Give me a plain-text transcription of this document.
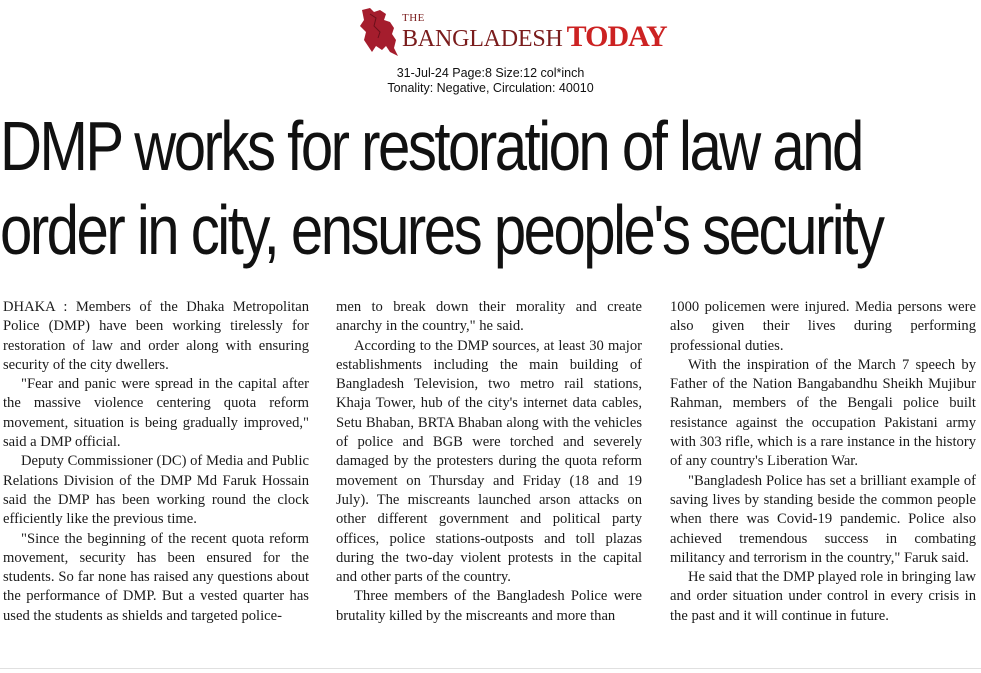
THE
BANGLADESH TODAY
31-Jul-24 Page:8 Size:12 col*inch
Tonality: Negative, Circulation: 40010
DMP works for restoration of law and
order in city, ensures people's security

DHAKA : Members of the Dhaka Metropolitan Police (DMP) have been working tirelessly for restoration of law and order along with ensuring security of the city dwellers.

"Fear and panic were spread in the capital after the massive violence centering quota reform movement, situation is being gradually improved," said a DMP official.

Deputy Commissioner (DC) of Media and Public Relations Division of the DMP Md Faruk Hossain said the DMP has been working round the clock efficiently like the previous time.

"Since the beginning of the recent quota reform movement, security has been ensured for the students. So far none has raised any questions about the performance of DMP. But a vested quarter has used the students as shields and targeted police-

men to break down their morality and create anarchy in the country," he said.

According to the DMP sources, at least 30 major establishments including the main building of Bangladesh Television, two metro rail stations, Khaja Tower, hub of the city's internet data cables, Setu Bhaban, BRTA Bhaban along with the vehicles of police and BGB were torched and severely damaged by the protesters during the quota reform movement on Thursday and Friday (18 and 19 July). The miscreants launched arson attacks on other different government and political party offices, police stations-outposts and toll plazas during the two-day violent protests in the capital and other parts of the country.

Three members of the Bangladesh Police were brutality killed by the miscreants and more than

1000 policemen were injured. Media persons were also given their lives during performing professional duties.

With the inspiration of the March 7 speech by Father of the Nation Bangabandhu Sheikh Mujibur Rahman, members of the Bengali police built resistance against the occupation Pakistani army with 303 rifle, which is a rare instance in the history of any country's Liberation War.

"Bangladesh Police has set a brilliant example of saving lives by standing beside the common people when there was Covid-19 pandemic. Police also achieved tremendous success in combating militancy and terrorism in the country," Faruk said.

He said that the DMP played role in bringing law and order situation under control in every crisis in the past and it will continue in future.
